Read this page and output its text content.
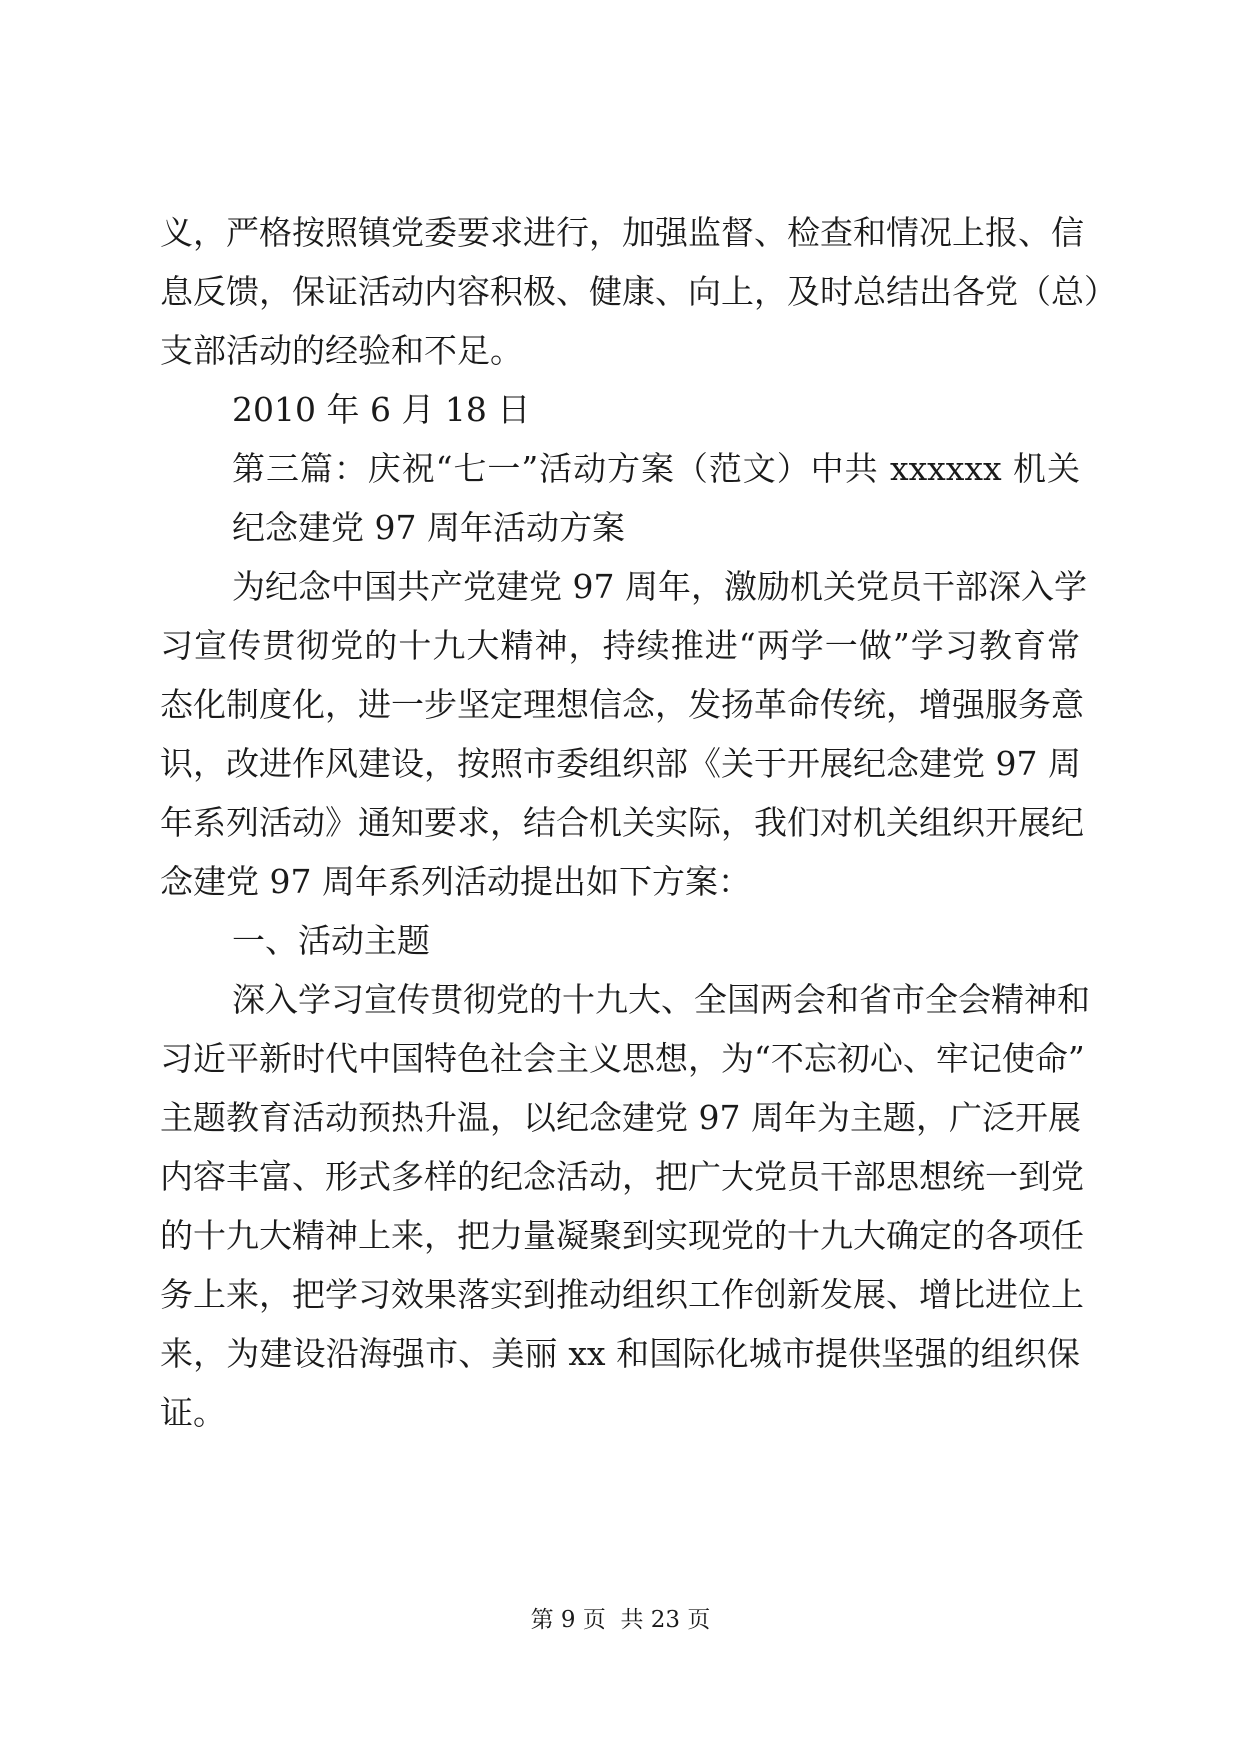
义，严格按照镇党委要求进行，加强监督、检查和情况上报、信
息反馈，保证活动内容积极、健康、向上，及时总结出各党（总）
支部活动的经验和不足。
2010 年 6 月 18 日
第三篇：庆祝“七一”活动方案（范文）中共 xxxxxx 机关
纪念建党 97 周年活动方案
为纪念中国共产党建党 97 周年，激励机关党员干部深入学
习宣传贯彻党的十九大精神，持续推进“两学一做”学习教育常
态化制度化，进一步坚定理想信念，发扬革命传统，增强服务意
识，改进作风建设，按照市委组织部《关于开展纪念建党 97 周
年系列活动》通知要求，结合机关实际，我们对机关组织开展纪
念建党 97 周年系列活动提出如下方案：
一、活动主题
深入学习宣传贯彻党的十九大、全国两会和省市全会精神和
习近平新时代中国特色社会主义思想，为“不忘初心、牢记使命”
主题教育活动预热升温，以纪念建党 97 周年为主题，广泛开展
内容丰富、形式多样的纪念活动，把广大党员干部思想统一到党
的十九大精神上来，把力量凝聚到实现党的十九大确定的各项任
务上来，把学习效果落实到推动组织工作创新发展、增比进位上
来，为建设沿海强市、美丽 xx 和国际化城市提供坚强的组织保
证。
第 9 页  共 23 页
